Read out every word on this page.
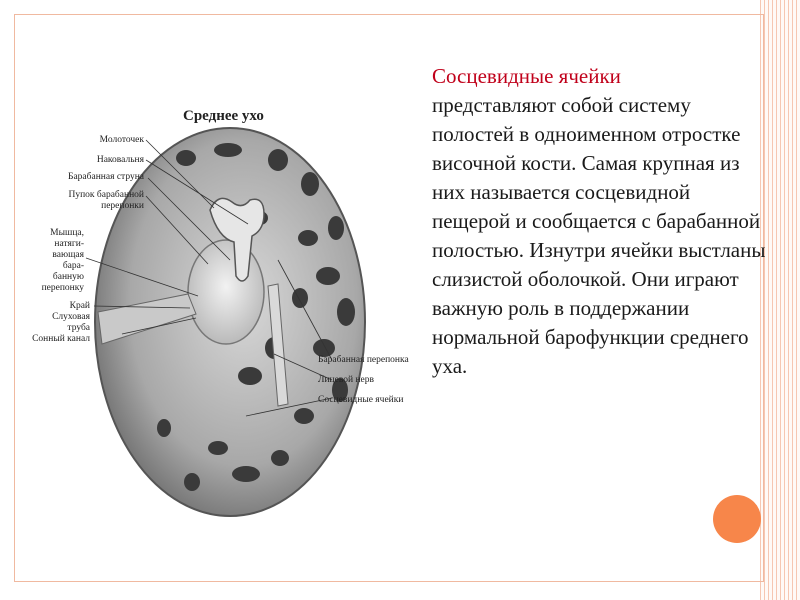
Среднее ухо
Молоточек
Наковальня
Барабанная струна
Пупок барабанной
перепонки
Мышца,
натяги-
вающая
бара-
банную
перепонку
Край
Слуховая
труба
Сонный канал
Барабанная перепонка
Лицевой нерв
Сосцевидные ячейки
Сосцевидные ячейки
представляют собой систему полостей в одноименном отростке височной кости. Самая крупная из них называется сосцевидной пещерой и сообщается с барабанной полостью. Изнутри ячейки выстланы слизистой оболочкой. Они играют важную роль в поддержании нормальной барофункции среднего уха.
